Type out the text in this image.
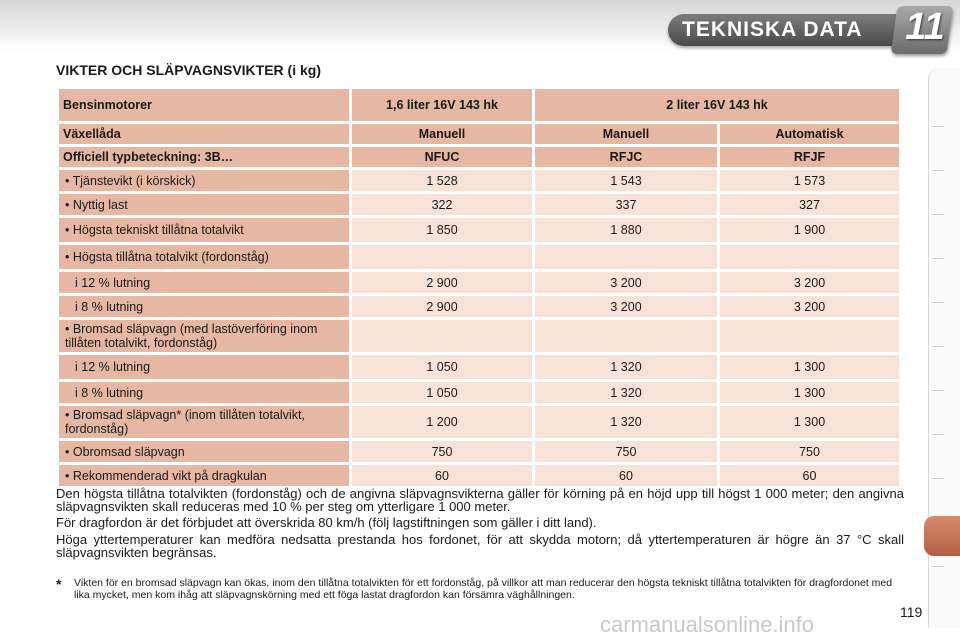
TEKNISKA DATA 11
VIKTER OCH SLÄPVAGNSVIKTER (i kg)
Bensinmotorer	1,6 liter 16V 143 hk	2 liter 16V 143 hk	
Växellåda	Manuell	Manuell	Automatisk
Officiell typbeteckning: 3B…	NFUC	RFJC	RFJF
• Tjänstevikt (i körskick)	1 528	1 543	1 573
• Nyttig last	322	337	327
• Högsta tekniskt tillåtna totalvikt	1 850	1 880	1 900
• Högsta tillåtna totalvikt (fordonståg)			
i 12 % lutning	2 900	3 200	3 200
i 8 % lutning	2 900	3 200	3 200
• Bromsad släpvagn (med lastöverföring inom tillåten totalvikt, fordonståg)			
i 12 % lutning	1 050	1 320	1 300
i 8 % lutning	1 050	1 320	1 300
• Bromsad släpvagn* (inom tillåten totalvikt, fordonståg)	1 200	1 320	1 300
• Obromsad släpvagn	750	750	750
• Rekommenderad vikt på dragkulan	60	60	60
Den högsta tillåtna totalvikten (fordonståg) och de angivna släpvagnsvikterna gäller för körning på en höjd upp till högst 1 000 meter; den angivna släpvagnsvikten skall reduceras med 10 % per steg om ytterligare 1 000 meter.
För dragfordon är det förbjudet att överskrida 80 km/h (följ lagstiftningen som gäller i ditt land).
Höga yttertemperaturer kan medföra nedsatta prestanda hos fordonet, för att skydda motorn; då yttertemperaturen är högre än 37 °C skall släpvagnsvikten begränsas.
* Vikten för en bromsad släpvagn kan ökas, inom den tillåtna totalvikten för ett fordonståg, på villkor att man reducerar den högsta tekniskt tillåtna totalvikten för dragfordonet med lika mycket, men kom ihåg att släpvagnskörning med ett föga lastat dragfordon kan försämra väghållningen.
carmanualsonline.info	119
